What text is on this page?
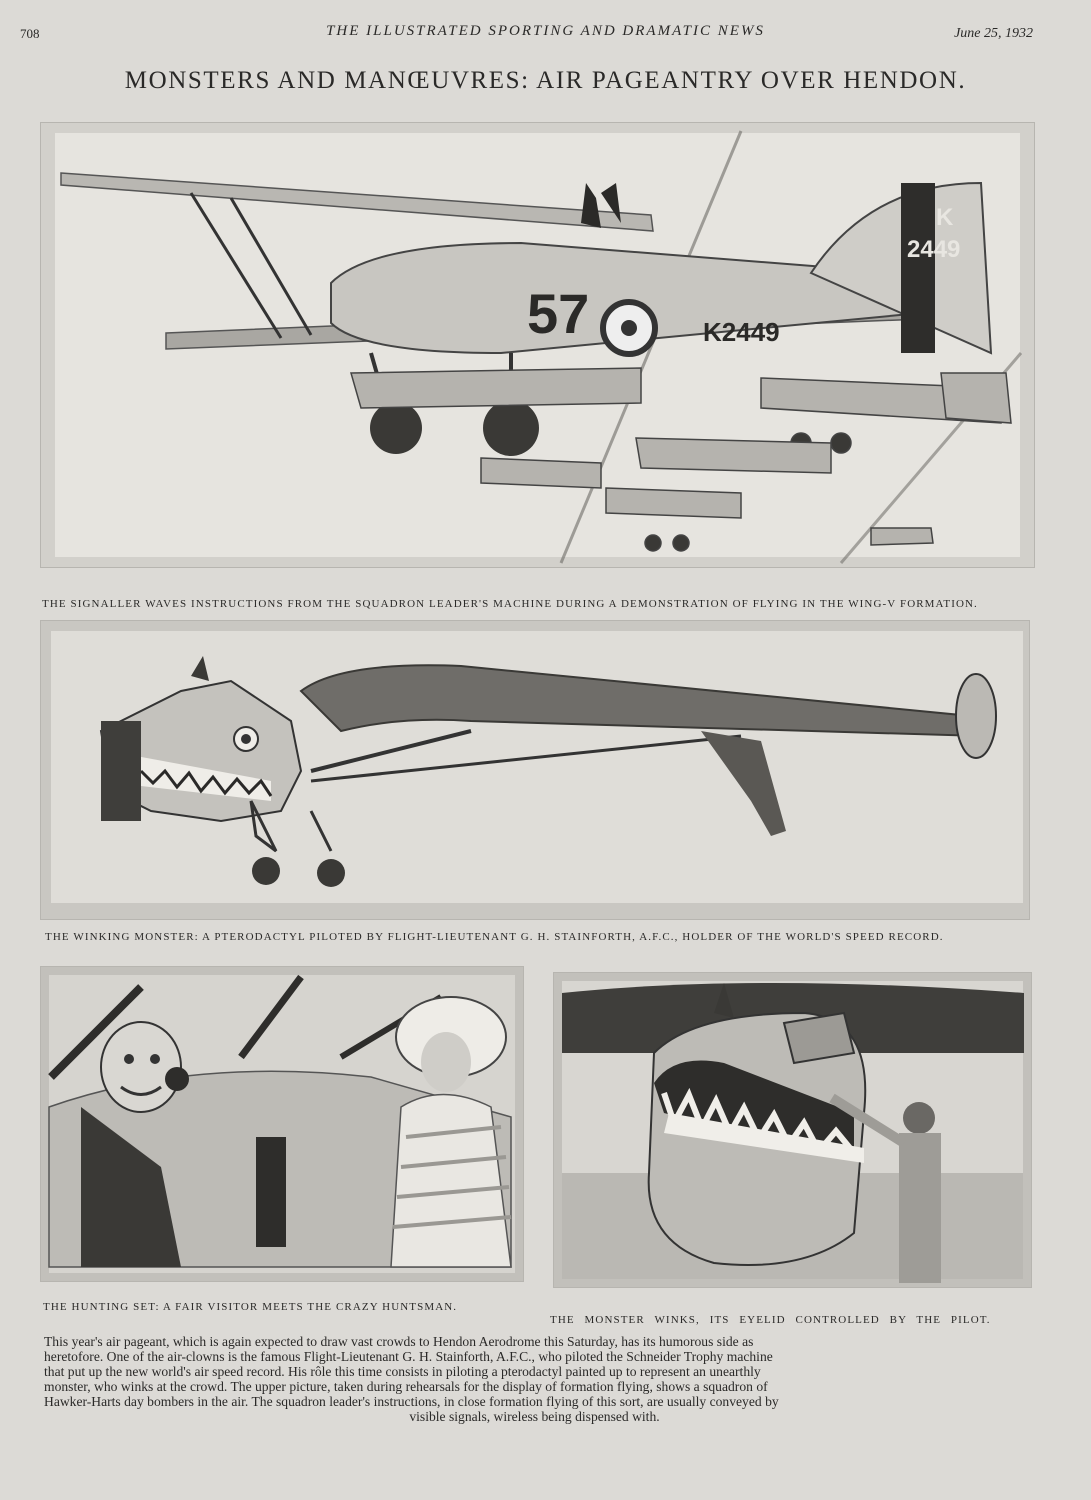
708	THE ILLUSTRATED SPORTING AND DRAMATIC NEWS	June 25, 1932
MONSTERS AND MANŒUVRES: AIR PAGEANTRY OVER HENDON.
57	K2449
K
2449
THE SIGNALLER WAVES INSTRUCTIONS FROM THE SQUADRON LEADER'S MACHINE DURING A DEMONSTRATION OF FLYING IN THE WING-V FORMATION.
THE WINKING MONSTER: A PTERODACTYL PILOTED BY FLIGHT-LIEUTENANT G. H. STAINFORTH, A.F.C., HOLDER OF THE WORLD'S SPEED RECORD.
THE HUNTING SET: A FAIR VISITOR MEETS THE CRAZY HUNTSMAN.
THE MONSTER WINKS, ITS EYELID CONTROLLED BY THE PILOT.
This year's air pageant, which is again expected to draw vast crowds to Hendon Aerodrome this Saturday, has its humorous side as
heretofore. One of the air-clowns is the famous Flight-Lieutenant G. H. Stainforth, A.F.C., who piloted the Schneider Trophy machine
that put up the new world's air speed record. His rôle this time consists in piloting a pterodactyl painted up to represent an unearthly
monster, who winks at the crowd. The upper picture, taken during rehearsals for the display of formation flying, shows a squadron of
Hawker-Harts day bombers in the air. The squadron leader's instructions, in close formation flying of this sort, are usually conveyed by
visible signals, wireless being dispensed with.
